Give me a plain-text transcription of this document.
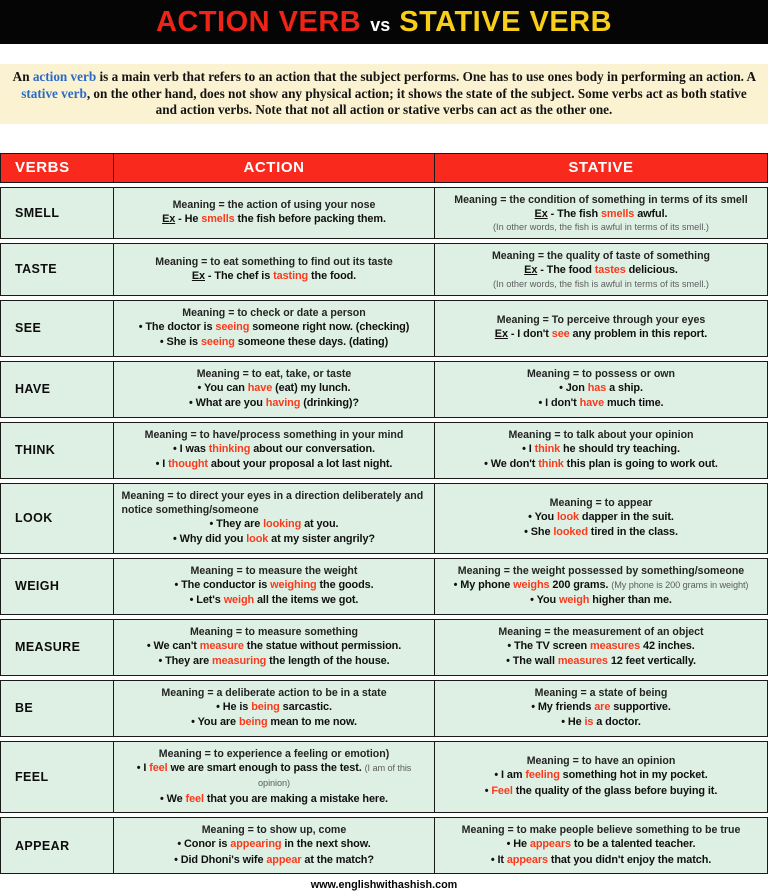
ACTION VERB vs STATIVE VERB
An action verb is a main verb that refers to an action that the subject performs. One has to use ones body in performing an action. A stative verb, on the other hand, does not show any physical action; it shows the state of the subject. Some verbs act as both stative and action verbs. Note that not all action or stative verbs can act as the other one.
VERBS	ACTION	STATIVE
SMELL
Meaning = the action of using your nose
Ex - He smells the fish before packing them.
Meaning = the condition of something in terms of its smell
Ex - The fish smells awful.
(In other words, the fish is awful in terms of its smell.)
TASTE
Meaning = to eat something to find out its taste
Ex - The chef is tasting the food.
Meaning = the quality of taste of something
Ex - The food tastes delicious.
(In other words, the fish is awful in terms of its smell.)
SEE
Meaning = to check or date a person
• The doctor is seeing someone right now. (checking)
• She is seeing someone these days. (dating)
Meaning = To perceive through your eyes
Ex - I don't see any problem in this report.
HAVE
Meaning = to eat, take, or taste
• You can have (eat) my lunch.
• What are you having (drinking)?
Meaning = to possess or own
• Jon has a ship.
• I don't have much time.
THINK
Meaning = to have/process something in your mind
• I was thinking about our conversation.
• I thought about your proposal a lot last night.
Meaning = to talk about your opinion
• I think he should try teaching.
• We don't think this plan is going to work out.
LOOK
Meaning = to direct your eyes in a direction deliberately and notice something/someone
• They are looking at you.
• Why did you look at my sister angrily?
Meaning = to appear
• You look dapper in the suit.
• She looked tired in the class.
WEIGH
Meaning = to measure the weight
• The conductor is weighing the goods.
• Let's weigh all the items we got.
Meaning = the weight possessed by something/someone
• My phone weighs 200 grams. (My phone is 200 grams in weight)
• You weigh higher than me.
MEASURE
Meaning = to measure something
• We can't measure the statue without permission.
• They are measuring the length of the house.
Meaning = the measurement of an object
• The TV screen measures 42 inches.
• The wall measures 12 feet vertically.
BE
Meaning = a deliberate action to be in a state
• He is being sarcastic.
• You are being mean to me now.
Meaning = a state of being
• My friends are supportive.
• He is a doctor.
FEEL
Meaning = to experience a feeling or emotion)
• I feel we are smart enough to pass the test. (I am of this opinion)
• We feel that you are making a mistake here.
Meaning = to have an opinion
• I am feeling something hot in my pocket.
• Feel the quality of the glass before buying it.
APPEAR
Meaning = to show up, come
• Conor is appearing in the next show.
• Did Dhoni's wife appear at the match?
Meaning = to make people believe something to be true
• He appears to be a talented teacher.
• It appears that you didn't enjoy the match.
www.englishwithashish.com
